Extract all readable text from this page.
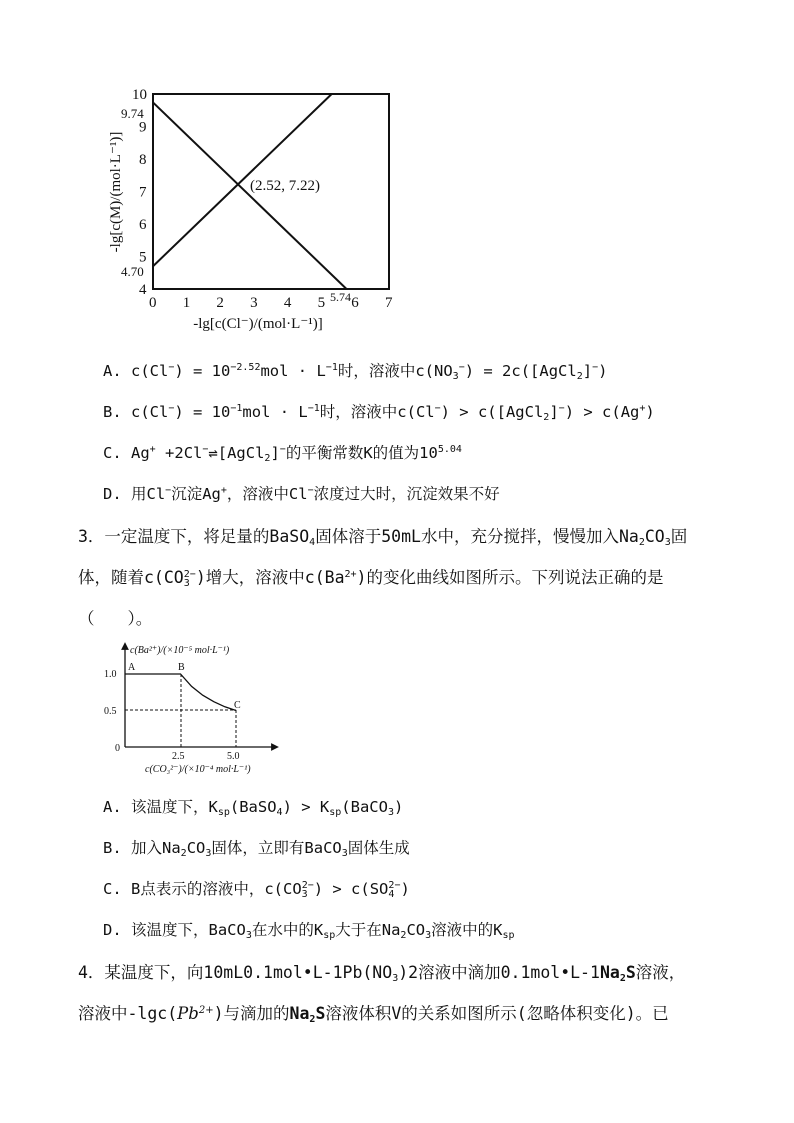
4
5
6
7
8
9
10
0 1 2 3 4 5 6 7
9.74
4.70
5.74
(2.52, 7.22)
-lg[c(M)/(mol·L⁻¹)]
-lg[c(Cl⁻)/(mol·L⁻¹)]
A. $c(Cl^-) = 10^{-2.52}mol \cdot L^{-1}$时，溶液中$c(NO_3^-)$ = 2c([AgCl$_2$]−)
B. $c(Cl^-) = 10^{-1}mol \cdot L^{-1}$时，溶液中c(Cl−) > c([AgCl$_2$]−) > c(Ag+)
C. Ag+ +2Cl−⇌[AgCl$_2$]−的平衡常数K的值为$10^{5.04}$
D. 用Cl−沉淀Ag+，溶液中Cl−浓度过大时，沉淀效果不好
3．一定温度下，将足量的BaSO$_4$固体溶于50mL水中，充分搅拌，慢慢加入$Na_2CO_3$固
体，随着$c(CO_3^{2-})$增大，溶液中$c(Ba^{2+})$的变化曲线如图所示。下列说法正确的是
（　　）。
A	B
C
1.0
0.5
0
2.5	5.0
c(Ba²⁺)/(×10⁻⁵ mol·L⁻¹)
c(CO₃²⁻)/(×10⁻⁴ mol·L⁻¹)
A. 该温度下，$K_{sp}(BaSO_4)$ > $K_{sp}(BaCO_3)$
B. 加入$Na_2CO_3$固体，立即有BaCO$_3$固体生成
C. B点表示的溶液中，$c(CO_3^{2-}) > c(SO_4^{2-})$
D. 该温度下，BaCO$_3$在水中的$K_{sp}$大于在$Na_2CO_3$溶液中的$K_{sp}$
4．某温度下，向$10mL0.1mol•L-1Pb(NO_3)2$溶液中滴加$0.1mol•L-1Na_2S$溶液，
溶液中$-\lg c(Pb^{2+})$与滴加的$Na_2S$溶液体积V的关系如图所示(忽略体积变化)。已
